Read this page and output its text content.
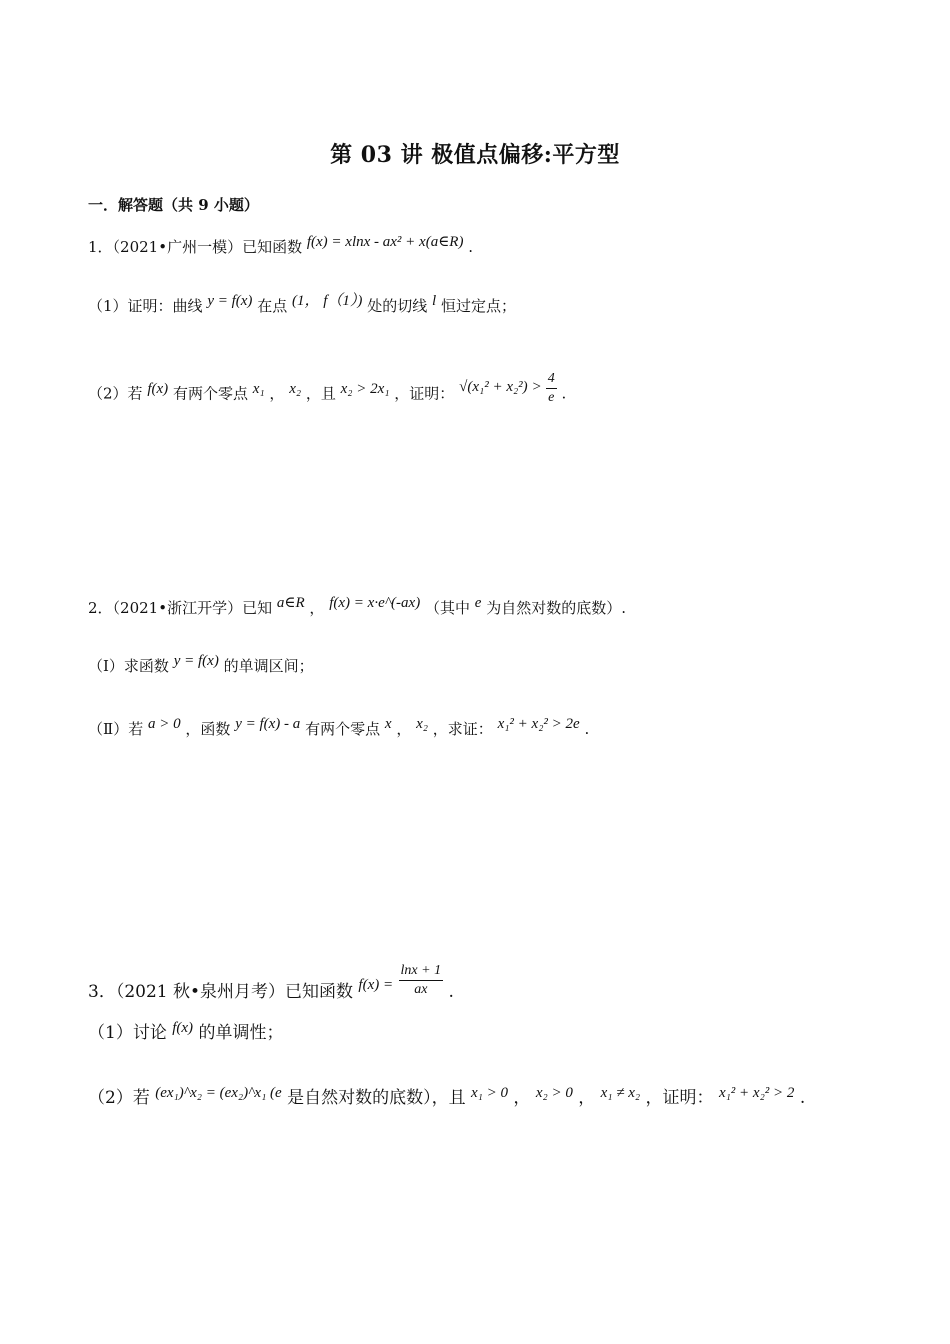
第 03 讲 极值点偏移:平方型
一．解答题（共 9 小题）
1．（2021•广州一模）已知函数 f(x) = xlnx - ax² + x(a∈R) .
（1）证明：曲线 y = f(x) 在点 (1， f（1）) 处的切线 l 恒过定点；
（2）若 f(x) 有两个零点 x₁ ， x₂ ，且 x₂ > 2x₁ ，证明： $√(x_1^2 + x_2^2) > \frac{4}{e}$ .
2．（2021•浙江开学）已知 a∈R ， f(x) = x·e^(-ax) （其中 e 为自然对数的底数）.
（Ⅰ）求函数 y = f(x) 的单调区间；
（Ⅱ）若 a > 0 ，函数 y = f(x) - a 有两个零点 x ， x₂ ，求证： x₁² + x₂² > 2e .
3．（2021 秋•泉州月考）已知函数 $f(x) = \frac{\ln x + 1}{ax}$ .
（1）讨论 f(x) 的单调性；
（2）若 (ex₁)^x₂ = (ex₂)^x₁ (e 是自然对数的底数），且 x₁ > 0 ， x₂ > 0 ， x₁ ≠ x₂ ，证明： x₁² + x₂² > 2 .
